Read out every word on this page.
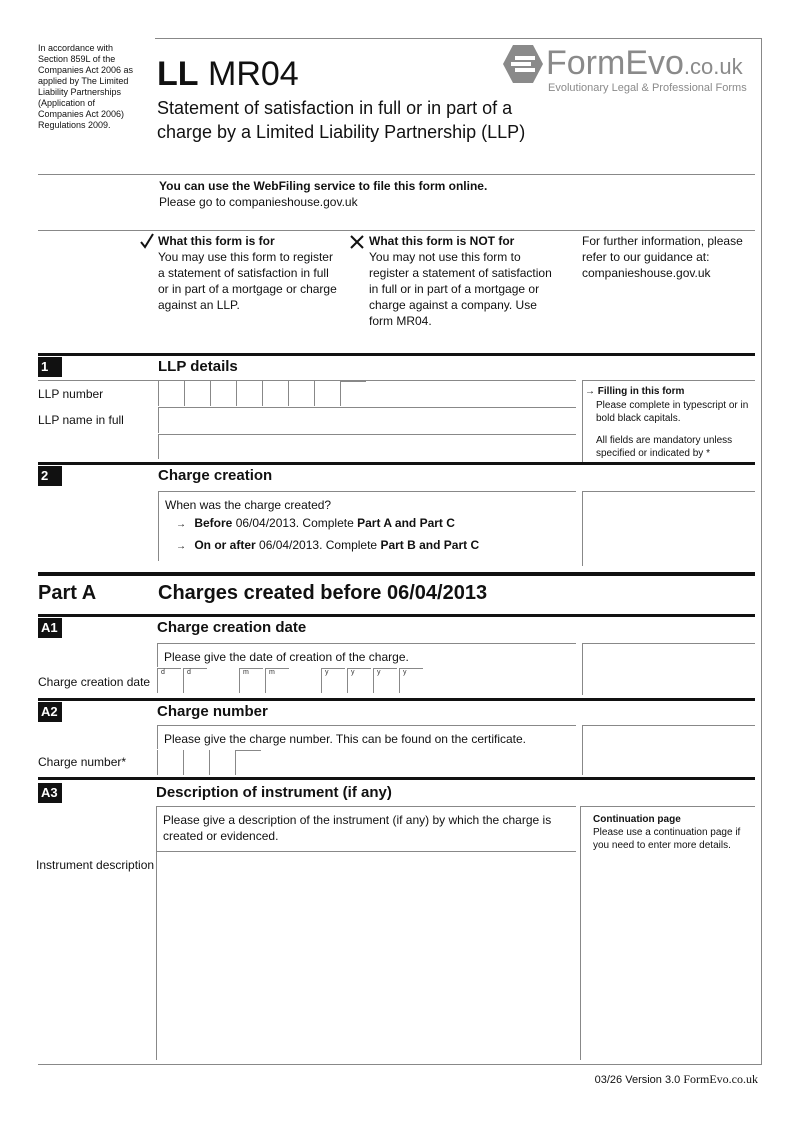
In accordance with Section 859L of the Companies Act 2006 as applied by The Limited Liability Partnerships (Application of Companies Act 2006) Regulations 2009.
LL MR04
Statement of satisfaction in full or in part of a
charge by a Limited Liability Partnership (LLP)
FormEvo.co.uk
Evolutionary Legal & Professional Forms
You can use the WebFiling service to file this form online.
Please go to companieshouse.gov.uk
What this form is for
You may use this form to register
a statement of satisfaction in full
or in part of a mortgage or charge
against an LLP.
What this form is NOT for
You may not use this form to
register a statement of satisfaction
in full or in part of a mortgage or
charge against a company. Use
form MR04.
For further information, please
refer to our guidance at:
companieshouse.gov.uk
1	LLP details
LLP number
LLP name in full
→ Filling in this form
Please complete in typescript or in bold black capitals.
All fields are mandatory unless specified or indicated by *
2	Charge creation
When was the charge created?
→ Before 06/04/2013. Complete Part A and Part C
→ On or after 06/04/2013. Complete Part B and Part C
Part A	Charges created before 06/04/2013
A1	Charge creation date
Please give the date of creation of the charge.
Charge creation date
d	d	m	m	y	y	y	y
A2	Charge number
Please give the charge number. This can be found on the certificate.
Charge number*
A3	Description of instrument (if any)
Please give a description of the instrument (if any) by which the charge is
created or evidenced.
Continuation page
Please use a continuation page if you need to enter more details.
Instrument description
03/26 Version 3.0 FormEvo.co.uk
